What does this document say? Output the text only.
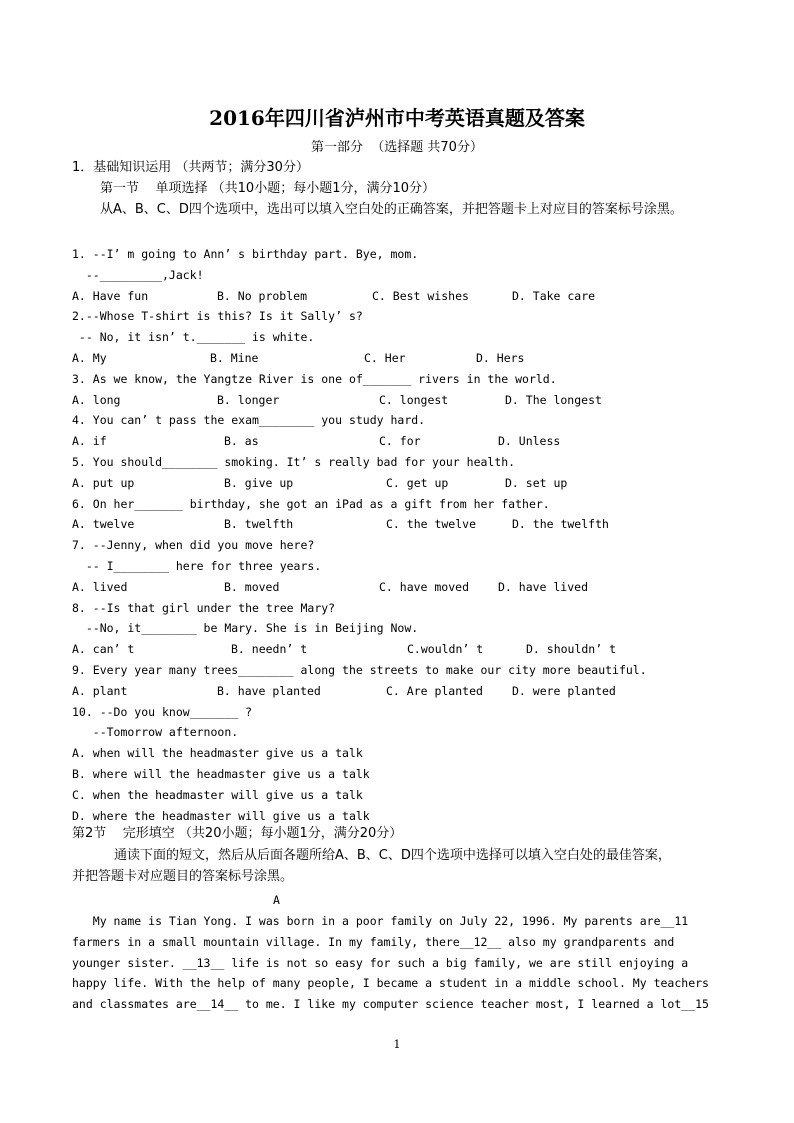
2016年四川省泸州市中考英语真题及答案
第一部分  （选择题 共70分）
1．基础知识运用 （共两节；满分30分）
第一节    单项选择 （共10小题；每小题1分，满分10分）
从A、B、C、D四个选项中，选出可以填入空白处的正确答案，并把答题卡上对应目的答案标号涂黑。
1. --I’ m going to Ann’ s birthday part. Bye, mom.
--_________,Jack!
A. Have fun	B. No problem	C. Best wishes	D. Take care
2.--Whose T-shirt is this? Is it Sally’ s?
-- No, it isn’ t._______ is white.
A. My	B. Mine	C. Her	D. Hers
3. As we know, the Yangtze River is one of_______ rivers in the world.
A. long	B. longer	C. longest	D. The longest
4. You can’ t pass the exam________ you study hard.
A. if	B. as	C. for	D. Unless
5. You should________ smoking. It’ s really bad for your health.
A. put up	B. give up	C. get up	D. set up
6. On her_______ birthday, she got an iPad as a gift from her father.
A. twelve	B. twelfth	C. the twelve	D. the twelfth
7. --Jenny, when did you move here?
-- I________ here for three years.
A. lived	B. moved	C. have moved	D. have lived
8. --Is that girl under the tree Mary?
--No, it________ be Mary. She is in Beijing Now.
A. can’ t	B. needn’ t	C.wouldn’ t	D. shouldn’ t
9. Every year many trees________ along the streets to make our city more beautiful.
A. plant	B. have planted	C. Are planted	D. were planted
10. --Do you know_______ ?
--Tomorrow afternoon.
A. when will the headmaster give us a talk
B. where will the headmaster give us a talk
C. when the headmaster will give us a talk
D. where the headmaster will give us a talk
第2节    完形填空 （共20小题；每小题1分，满分20分）
通读下面的短文，然后从后面各题所给A、B、C、D四个选项中选择可以填入空白处的最佳答案，
并把答题卡对应题目的答案标号涂黑。
A
My name is Tian Yong. I was born in a poor family on July 22, 1996. My parents are__11
farmers in a small mountain village. In my family, there__12__ also my grandparents and
younger sister. __13__ life is not so easy for such a big family, we are still enjoying a
happy life. With the help of many people, I became a student in a middle school. My teachers
and classmates are__14__ to me. I like my computer science teacher most, I learned a lot__15
1
